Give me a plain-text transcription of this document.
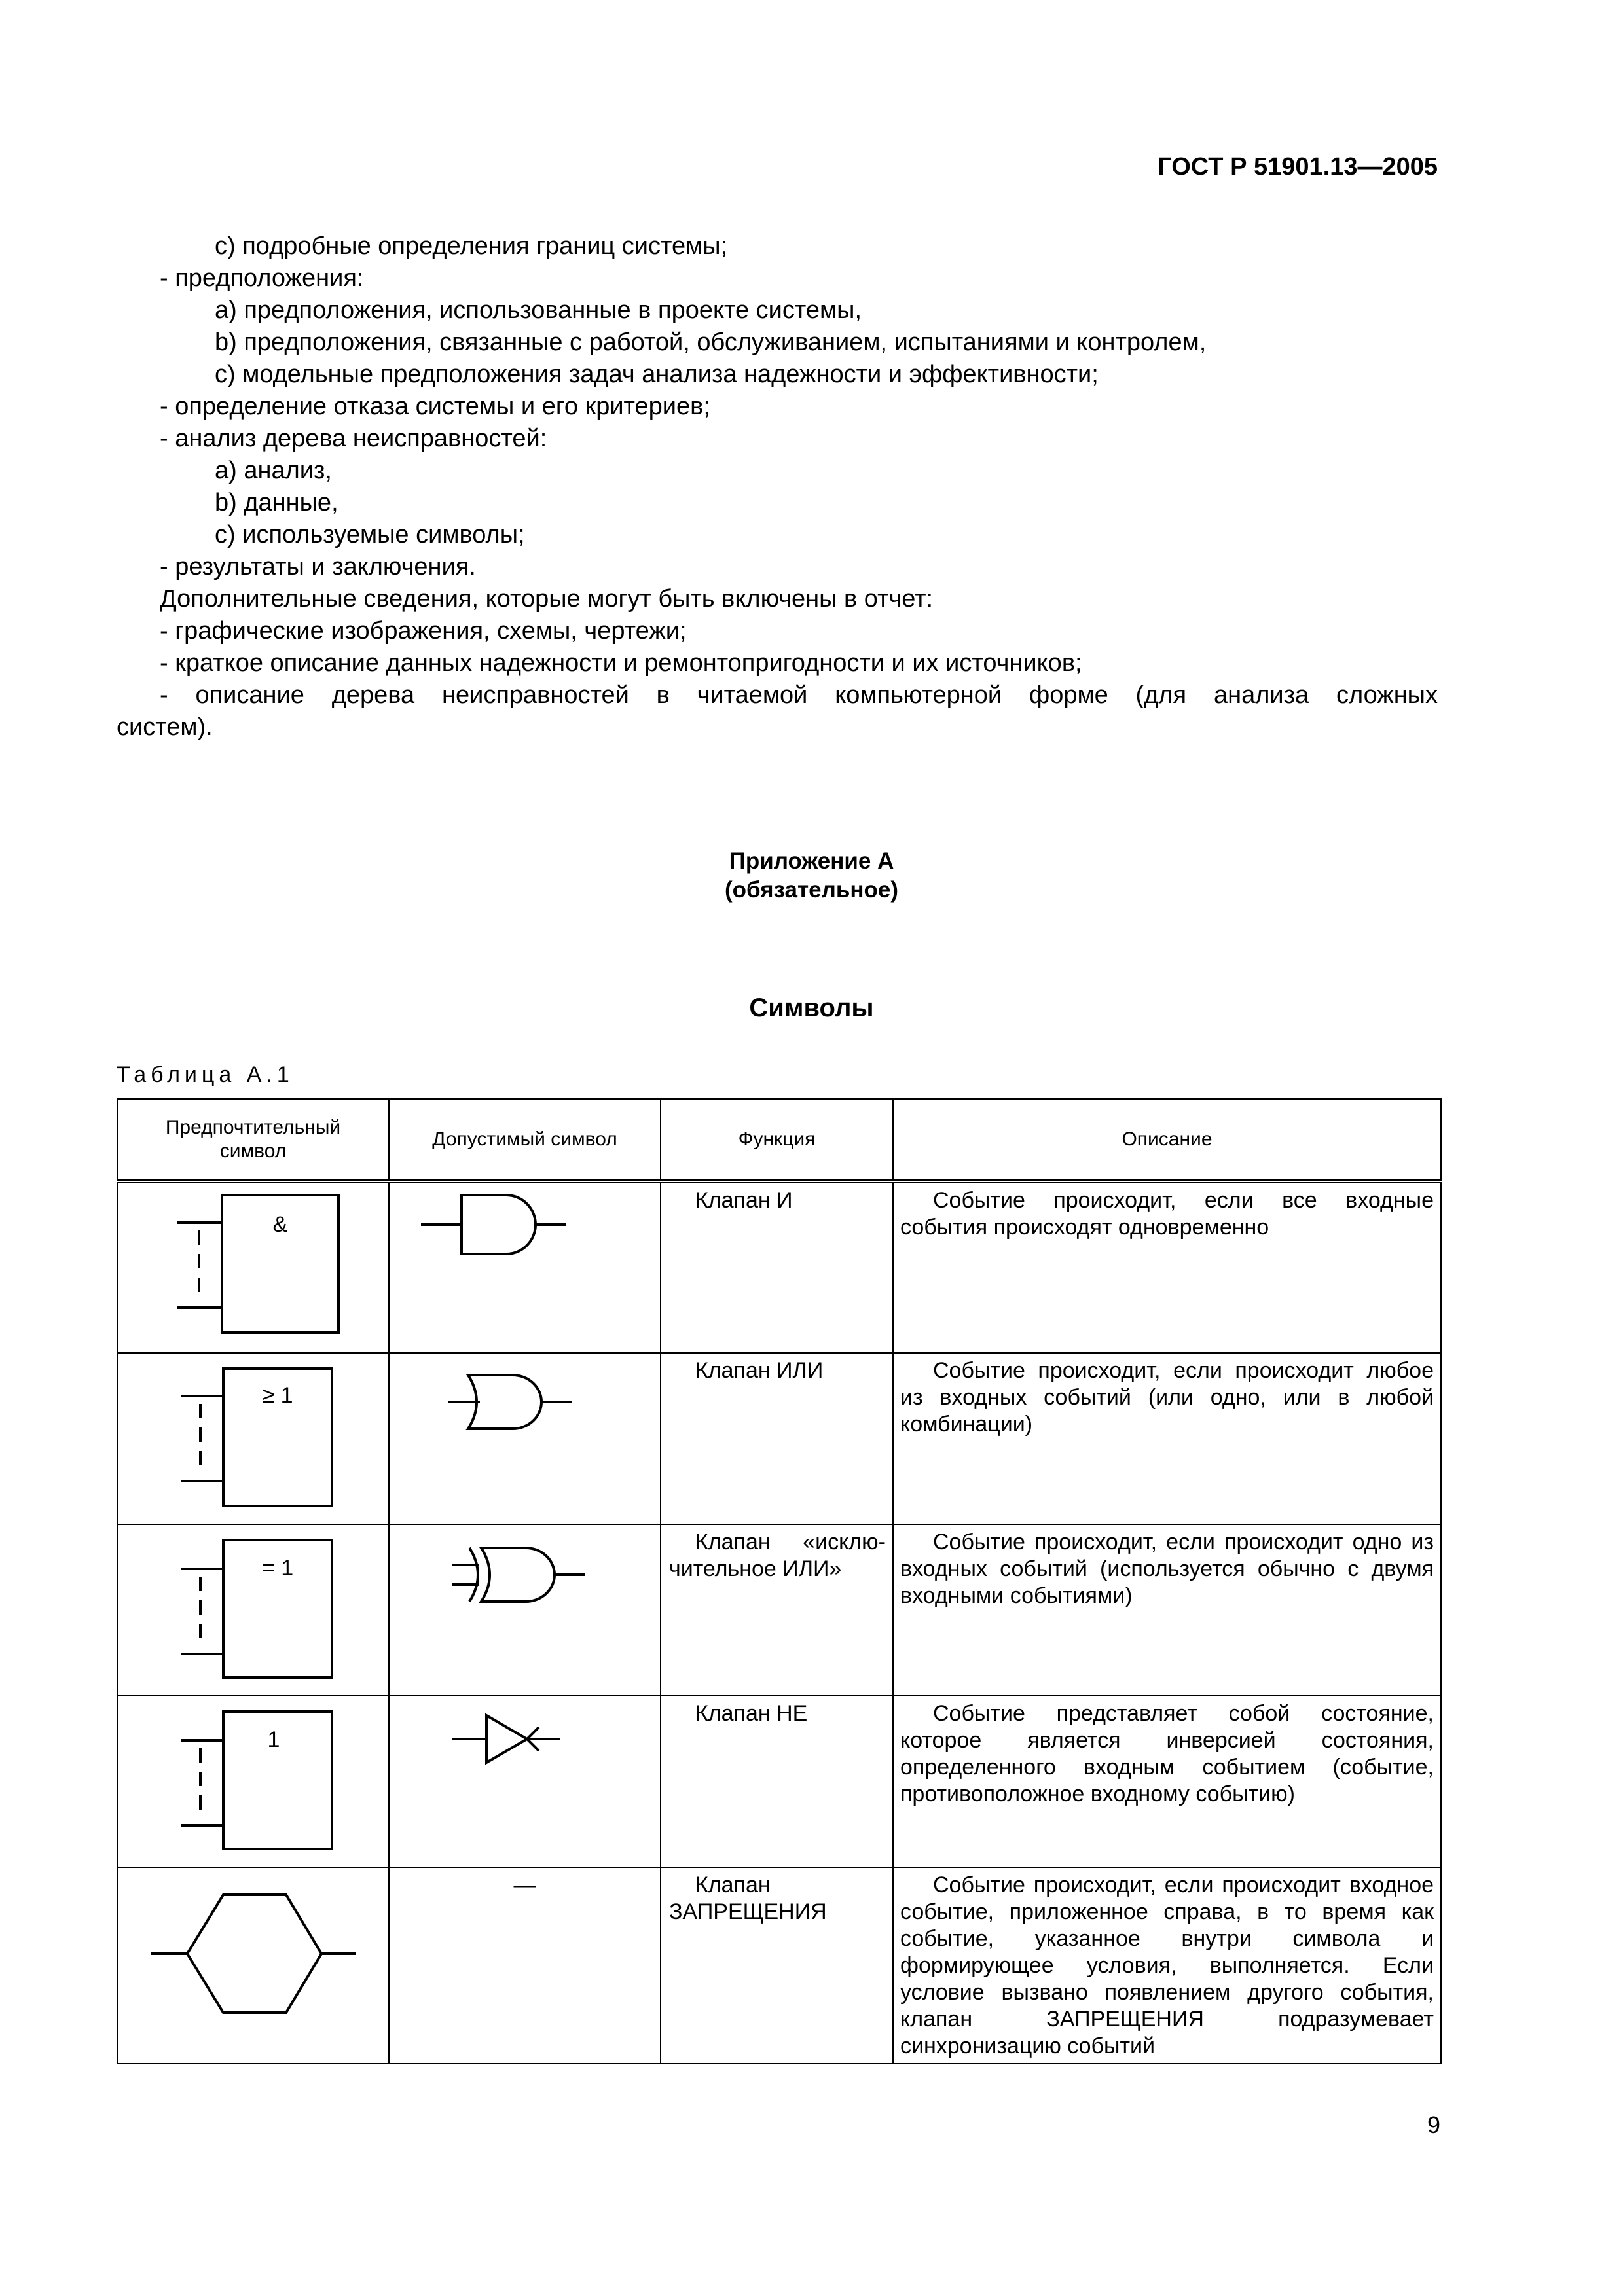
ГОСТ Р 51901.13—2005
с) подробные определения границ системы;
- предположения:
а) предположения, использованные в проекте системы,
b) предположения, связанные с работой, обслуживанием, испытаниями и контролем,
с) модельные предположения задач анализа надежности и эффективности;
- определение отказа системы и его критериев;
- анализ дерева неисправностей:
а) анализ,
b) данные,
с) используемые символы;
- результаты и заключения.
Дополнительные сведения, которые могут быть включены в отчет:
- графические изображения, схемы, чертежи;
- краткое описание данных надежности и ремонтопригодности и их источников;
- описание дерева неисправностей в читаемой компьютерной форме (для анализа сложных
систем).
Приложение А
(обязательное)
Символы
Таблица А.1
Предпочтительный символ	Допустимый символ	Функция	Описание

&		Клапан И	Событие происходит, если все входные события происходят одновременно

≥ 1		Клапан ИЛИ	Событие происходит, если происходит любое из входных событий (или одно, или в любой комбинации)

= 1		Клапан «исклю-
чительное ИЛИ»	Событие происходит, если происходит одно из входных событий (используется обычно с двумя входными событиями)

1		Клапан НЕ	Событие представляет собой состояние, которое является инверсией состояния, определенного входным событием (событие, противоположное входному событию)

	—	Клапан
ЗАПРЕЩЕНИЯ	Событие происходит, если происходит входное событие, приложенное справа, в то время как событие, указанное внутри символа и формирующее условия, выполняется. Если условие вызвано появлением другого события, клапан ЗАПРЕЩЕНИЯ подразумевает синхронизацию событий
9
